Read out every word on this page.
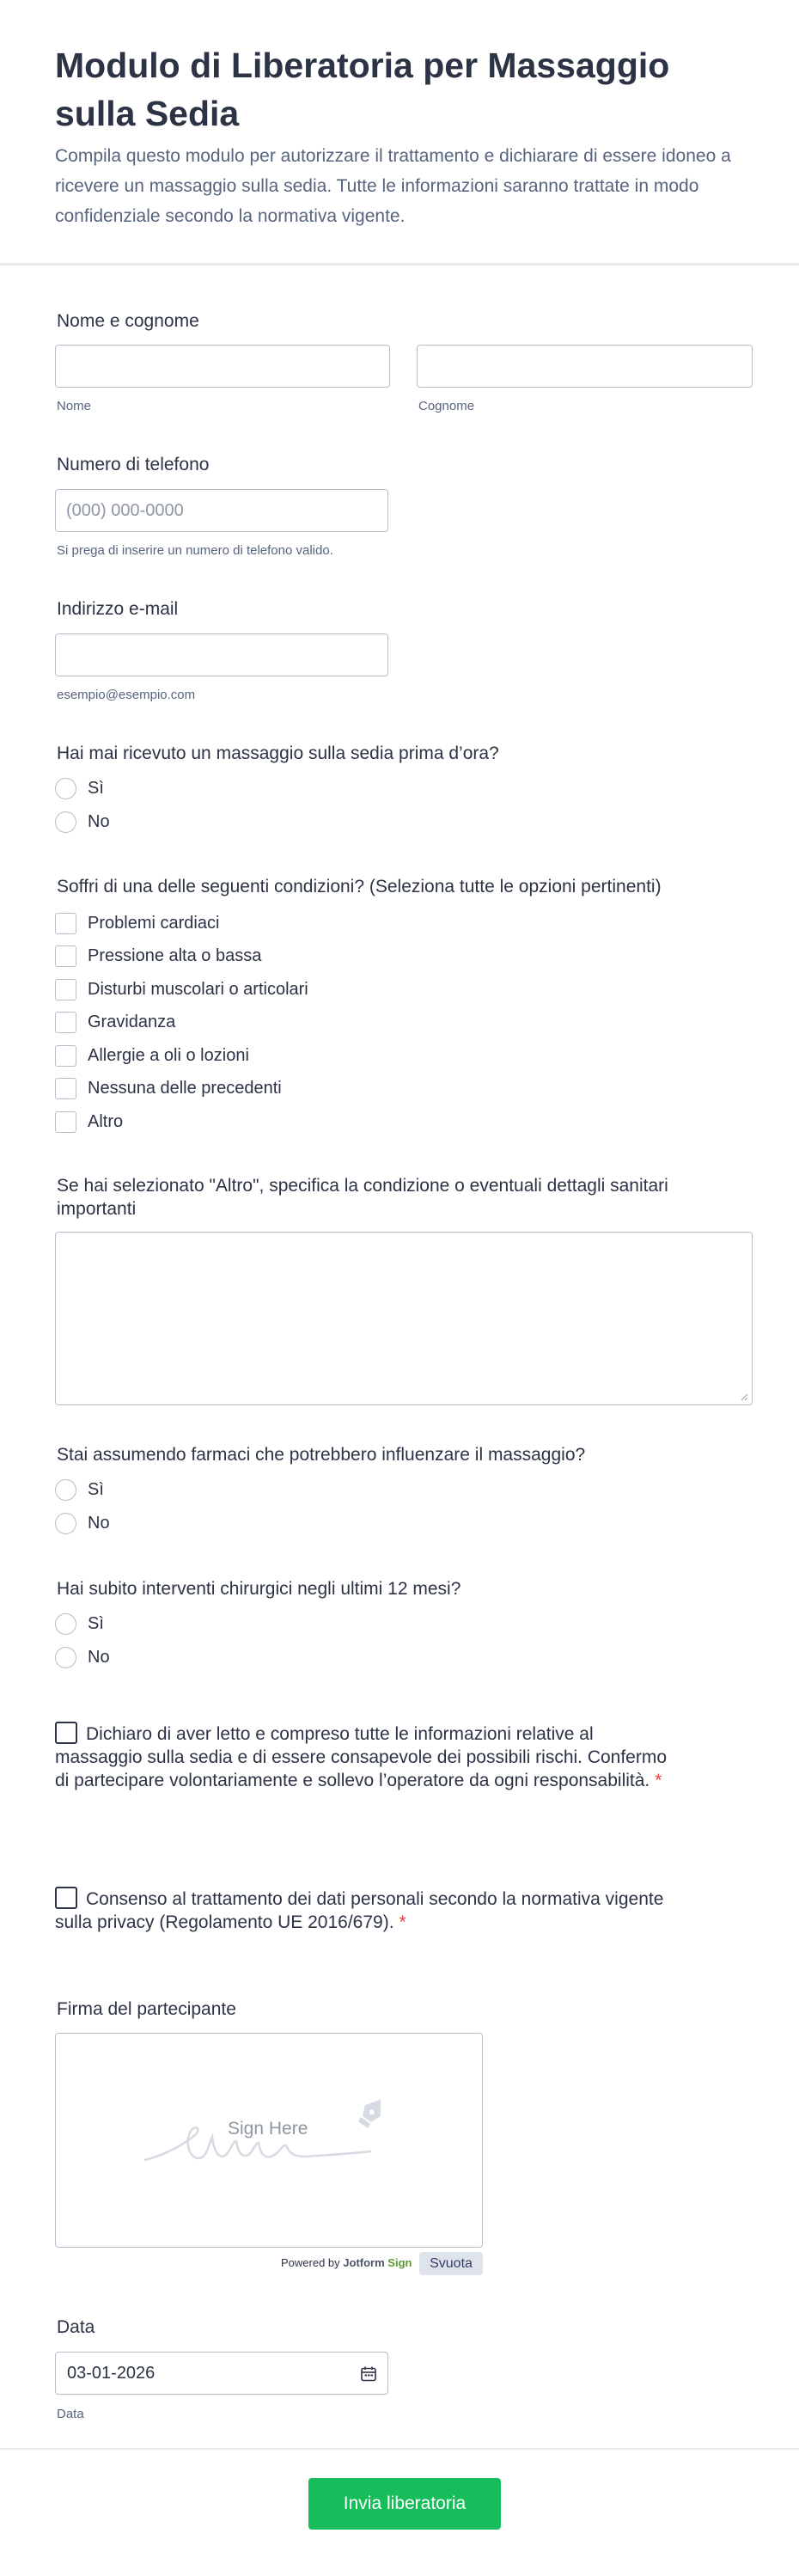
Modulo di Liberatoria per Massaggio sulla Sedia

Compila questo modulo per autorizzare il trattamento e dichiarare di essere idoneo a ricevere un massaggio sulla sedia. Tutte le informazioni saranno trattate in modo confidenziale secondo la normativa vigente.

Nome e cognome
Nome	Cognome
Numero di telefono
(000) 000-0000
Si prega di inserire un numero di telefono valido.
Indirizzo e-mail
esempio@esempio.com
Hai mai ricevuto un massaggio sulla sedia prima d’ora?
Sì
No
Soffri di una delle seguenti condizioni? (Seleziona tutte le opzioni pertinenti)
Problemi cardiaci
Pressione alta o bassa
Disturbi muscolari o articolari
Gravidanza
Allergie a oli o lozioni
Nessuna delle precedenti
Altro
Se hai selezionato "Altro", specifica la condizione o eventuali dettagli sanitari importanti
Stai assumendo farmaci che potrebbero influenzare il massaggio?
Sì
No
Hai subito interventi chirurgici negli ultimi 12 mesi?
Sì
No
Dichiaro di aver letto e compreso tutte le informazioni relative al massaggio sulla sedia e di essere consapevole dei possibili rischi. Confermo di partecipare volontariamente e sollevo l’operatore da ogni responsabilità. *
Consenso al trattamento dei dati personali secondo la normativa vigente sulla privacy (Regolamento UE 2016/679). *
Firma del partecipante
Sign Here
Powered by Jotform Sign	Svuota
Data
03-01-2026
Data
Invia liberatoria
